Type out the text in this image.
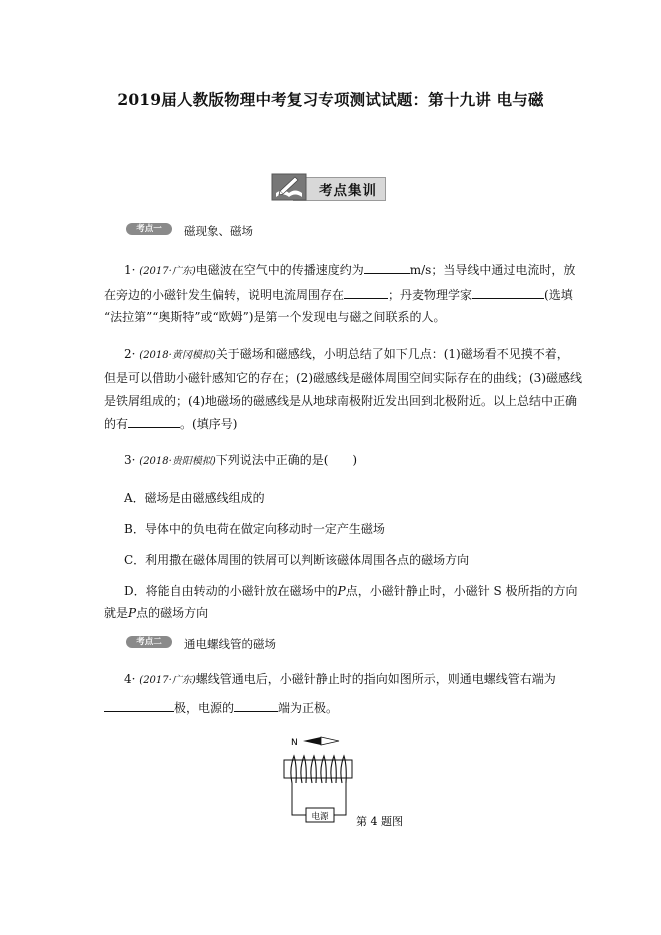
2019届人教版物理中考复习专项测试试题：第十九讲 电与磁
考点集训
考点一	磁现象、磁场
1· (2017·广东)电磁波在空气中的传播速度约为	m/s；当导线中通过电流时，放
在旁边的小磁针发生偏转，说明电流周围存在	；丹麦物理学家	(选填
“法拉第”“奥斯特”或“欧姆”)是第一个发现电与磁之间联系的人。
2· (2018·黄冈模拟)关于磁场和磁感线，小明总结了如下几点：(1)磁场看不见摸不着，
但是可以借助小磁针感知它的存在；(2)磁感线是磁体周围空间实际存在的曲线；(3)磁感线
是铁屑组成的；(4)地磁场的磁感线是从地球南极附近发出回到北极附近。以上总结中正确
的有	。(填序号)
3· (2018·贵阳模拟)下列说法中正确的是(　　)
A．磁场是由磁感线组成的
B．导体中的负电荷在做定向移动时一定产生磁场
C．利用撒在磁体周围的铁屑可以判断该磁体周围各点的磁场方向
D．将能自由转动的小磁针放在磁场中的P点，小磁针静止时，小磁针 S 极所指的方向
就是P点的磁场方向
考点二	通电螺线管的磁场
4· (2017·广东)螺线管通电后，小磁针静止时的指向如图所示，则通电螺线管右端为
极，电源的	端为正极。
N
电源 第 4 题图
